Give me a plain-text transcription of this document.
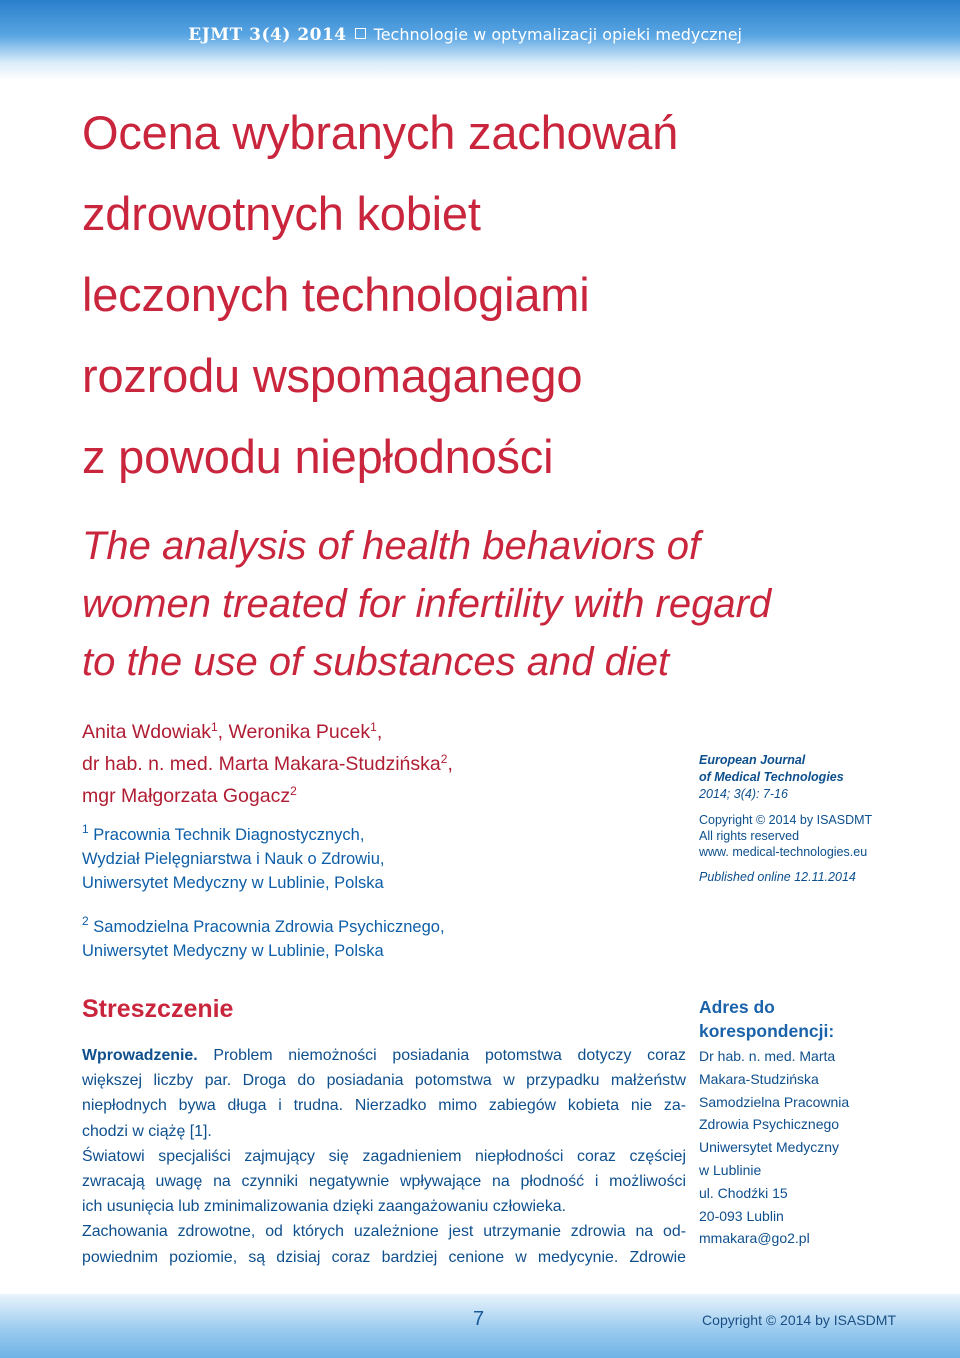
EJMT 3(4) 2014 Technologie w optymalizacji opieki medycznej
Ocena wybranych zachowań
zdrowotnych kobiet
leczonych technologiami
rozrodu wspomaganego
z powodu niepłodności
The analysis of health behaviors of
women treated for infertility with regard
to the use of substances and diet
Anita Wdowiak$^1$, Weronika Pucek$^1$,
dr hab. n. med. Marta Makara-Studzińska$^2$,
mgr Małgorzata Gogacz$^2$
$^1$ Pracownia Technik Diagnostycznych,
Wydział Pielęgniarstwa i Nauk o Zdrowiu,
Uniwersytet Medyczny w Lublinie, Polska
$^2$ Samodzielna Pracownia Zdrowia Psychicznego,
Uniwersytet Medyczny w Lublinie, Polska
European Journal
of Medical Technologies
2014; 3(4): 7-16
Copyright © 2014 by ISASDMT
All rights reserved
www. medical-technologies.eu
Published online 12.11.2014
Streszczenie
Wprowadzenie. Problem niemożności posiadania potomstwa dotyczy coraz
większej liczby par. Droga do posiadania potomstwa w przypadku małżeństw
niepłodnych bywa długa i trudna. Nierzadko mimo zabiegów kobieta nie za-
chodzi w ciążę [1].
Światowi specjaliści zajmujący się zagadnieniem niepłodności coraz częściej
zwracają uwagę na czynniki negatywnie wpływające na płodność i możliwości
ich usunięcia lub zminimalizowania dzięki zaangażowaniu człowieka.
Zachowania zdrowotne, od których uzależnione jest utrzymanie zdrowia na od-
powiednim poziomie, są dzisiaj coraz bardziej cenione w medycynie. Zdrowie
Adres do
korespondencji:
Dr hab. n. med. Marta
Makara-Studzińska
Samodzielna Pracownia
Zdrowia Psychicznego
Uniwersytet Medyczny
w Lublinie
ul. Chodźki 15
20-093 Lublin
mmakara@go2.pl
7	Copyright © 2014 by ISASDMT
